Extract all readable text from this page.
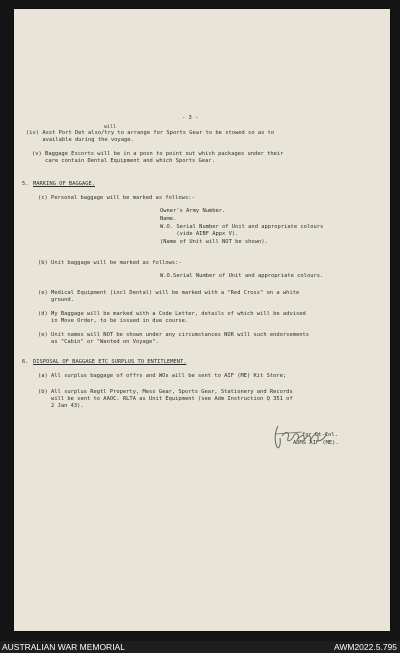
- 3 -

will

(iv) Asst Port Det also/try to arrange for Sports Gear to be stowed so as to

available during the voyage.

(v) Baggage Escorts will be in a posn to point out which packages under their

care contain Dental Equipment and which Sports Gear.

5. MARKING OF BAGGAGE.

(c) Personal baggage will be marked as follows:-

Owner's Army Number.

Name.

W.O. Serial Number of Unit and appropriate colours

(vide AIBF Appx V).

(Name of Unit will NOT be shown).

(b) Unit baggage will be marked as follows:-

W.O.Serial Number of Unit and appropriate colours.

(e) Medical Equipment (incl Dental) will be marked with a "Red Cross" on a white

ground.

(d) My Baggage will be marked with a Code Letter, details of which will be advised

in Move Order, to be issued in due course.

(e) Unit names will NOT be shown under any circumstances NOR will such endorsements

as "Cabin" or "Wanted on Voyage".

6. DISPOSAL OF BAGGAGE ETC SURPLUS TO ENTITLEMENT.

(a) All surplus baggage of offrs and WOs will be sent to AIF (ME) Kit Store;

(b) All surplus Regtl Property, Mess Gear, Sports Gear, Stationery and Records

will be sent to AAOC. RLTA as Unit Equipment (see Adm Instruction Q 351 of

2 Jan 43).

for Lt-Col.

ADMS AIF (ME).

AUSTRALIAN WAR MEMORIAL	AWM2022.5.795
